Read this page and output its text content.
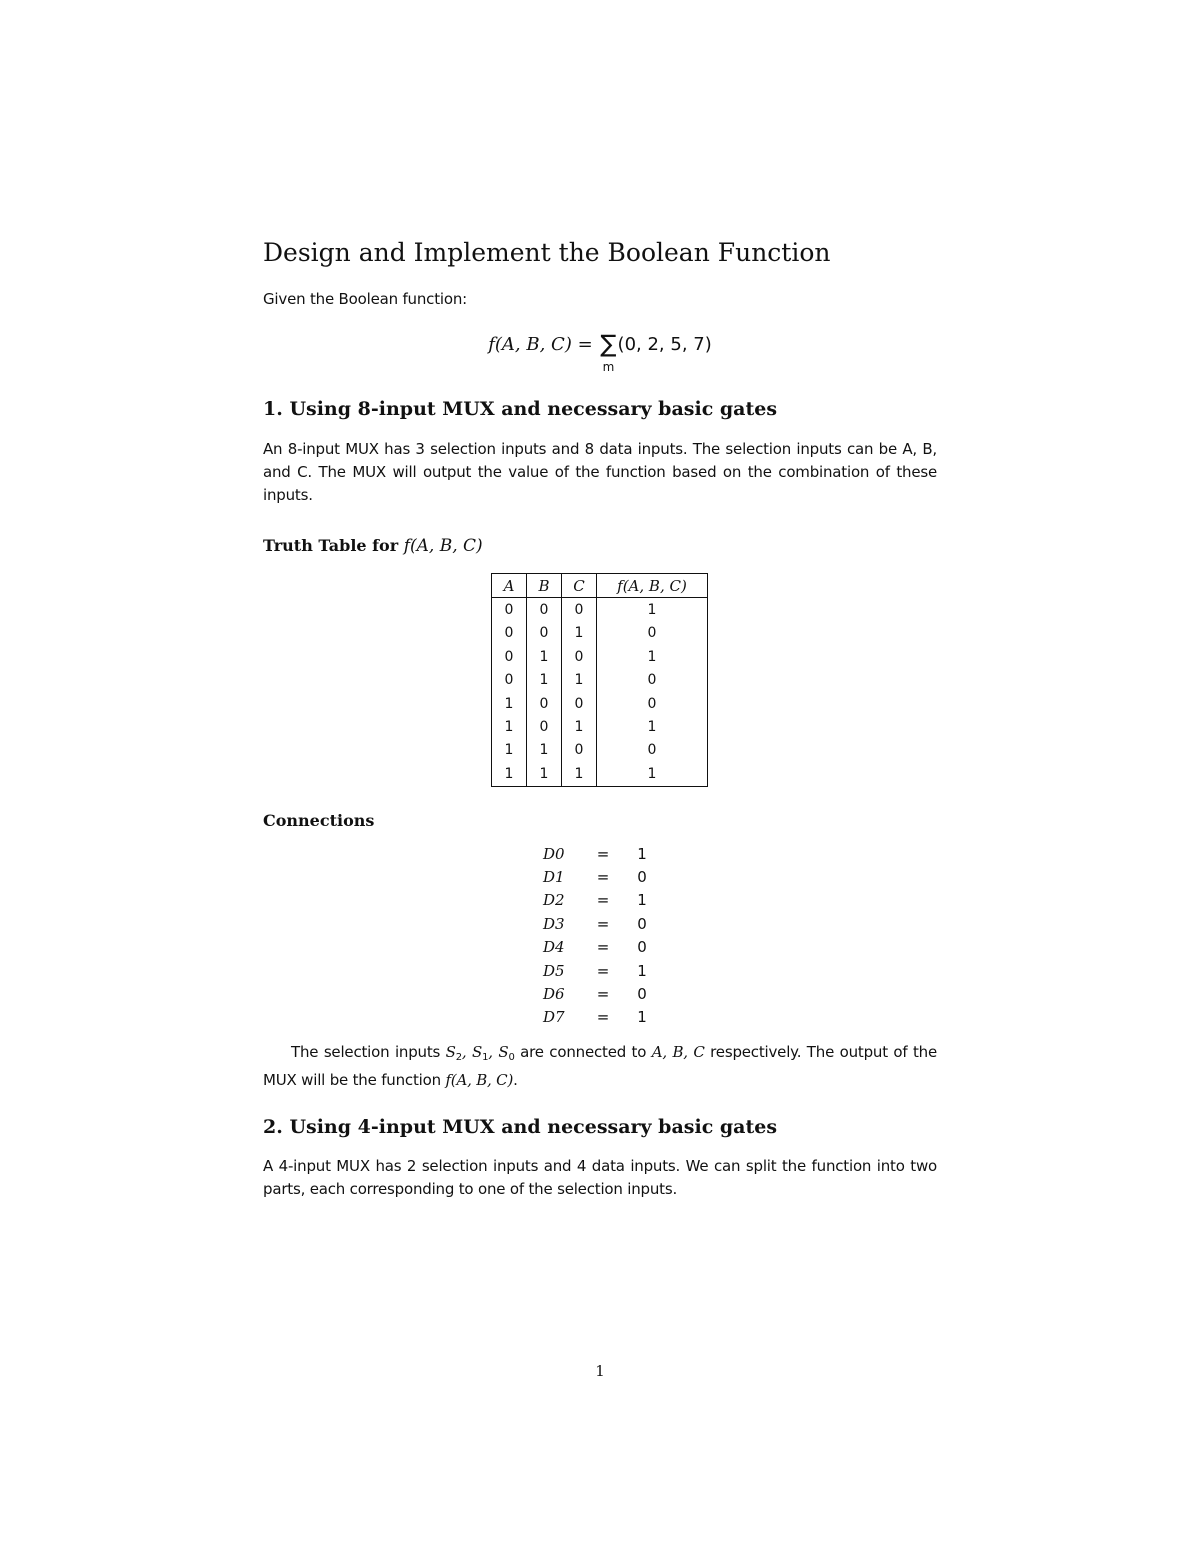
Design and Implement the Boolean Function

Given the Boolean function:

f(A, B, C) = ∑
m
(0, 2, 5, 7)
1. Using 8-input MUX and necessary basic gates

An 8-input MUX has 3 selection inputs and 8 data inputs. The selection inputs can be A, B, and C. The MUX will output the value of the function based on the combination of these inputs.

Truth Table for f(A, B, C)
A	B	C	f(A, B, C)
0	0	0	1
0	0	1	0
0	1	0	1
0	1	1	0
1	0	0	0
1	0	1	1
1	1	0	0
1	1	1	1
Connections
D0	=	1
D1	=	0
D2	=	1
D3	=	0
D4	=	0
D5	=	1
D6	=	0
D7	=	1

The selection inputs $S_2$, $S_1$, $S_0$ are connected to A, B, C respectively. The output of the MUX will be the function f(A, B, C).

2. Using 4-input MUX and necessary basic gates

A 4-input MUX has 2 selection inputs and 4 data inputs. We can split the function into two parts, each corresponding to one of the selection inputs.

1
